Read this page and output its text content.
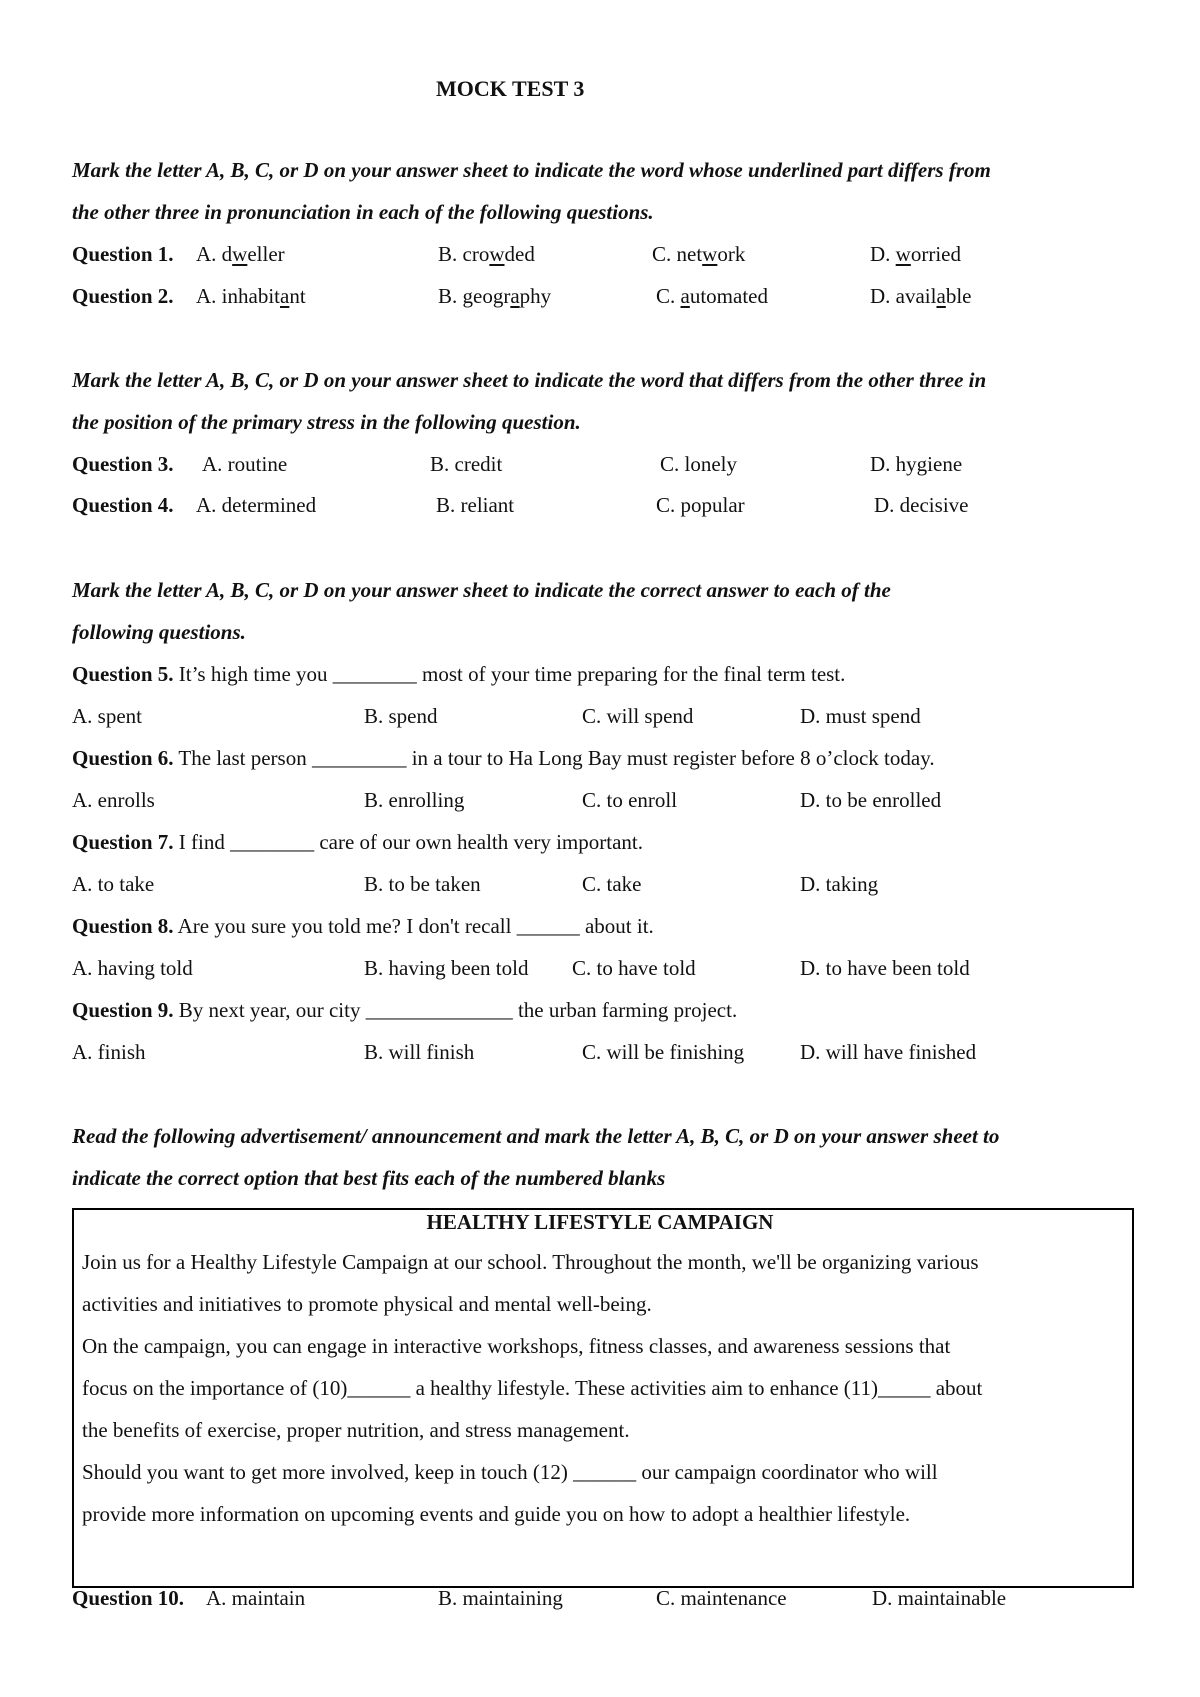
MOCK TEST 3
Mark the letter A, B, C, or D on your answer sheet to indicate the word whose underlined part differs from
the other three in pronunciation in each of the following questions.
Question 1. A. dweller	B. crowded	C. network	D. worried
Question 2. A. inhabitant	B. geography	C. automated	D. available
Mark the letter A, B, C, or D on your answer sheet to indicate the word that differs from the other three in
the position of the primary stress in the following question.
Question 3. A. routine	B. credit	C. lonely	D. hygiene
Question 4. A. determined	B. reliant	C. popular	D. decisive
Mark the letter A, B, C, or D on your answer sheet to indicate the correct answer to each of the
following questions.
Question 5. It’s high time you ________ most of your time preparing for the final term test.
A. spent	B. spend	C. will spend	D. must spend
Question 6. The last person _________ in a tour to Ha Long Bay must register before 8 o’clock today.
A. enrolls	B. enrolling	C. to enroll	D. to be enrolled
Question 7. I find ________ care of our own health very important.
A. to take	B. to be taken	C. take	D. taking
Question 8. Are you sure you told me? I don't recall ______ about it.
A. having told	B. having been told C. to have told	D. to have been told
Question 9. By next year, our city ______________ the urban farming project.
A. finish	B. will finish	C. will be finishing	D. will have finished
Read the following advertisement/ announcement and mark the letter A, B, C, or D on your answer sheet to
indicate the correct option that best fits each of the numbered blanks
HEALTHY LIFESTYLE CAMPAIGN
Join us for a Healthy Lifestyle Campaign at our school. Throughout the month, we'll be organizing various
activities and initiatives to promote physical and mental well-being.
On the campaign, you can engage in interactive workshops, fitness classes, and awareness sessions that
focus on the importance of (10)______ a healthy lifestyle. These activities aim to enhance (11)_____ about
the benefits of exercise, proper nutrition, and stress management.
Should you want to get more involved, keep in touch (12) ______ our campaign coordinator who will
provide more information on upcoming events and guide you on how to adopt a healthier lifestyle.
Question 10. A. maintain	B. maintaining	C. maintenance	D. maintainable
